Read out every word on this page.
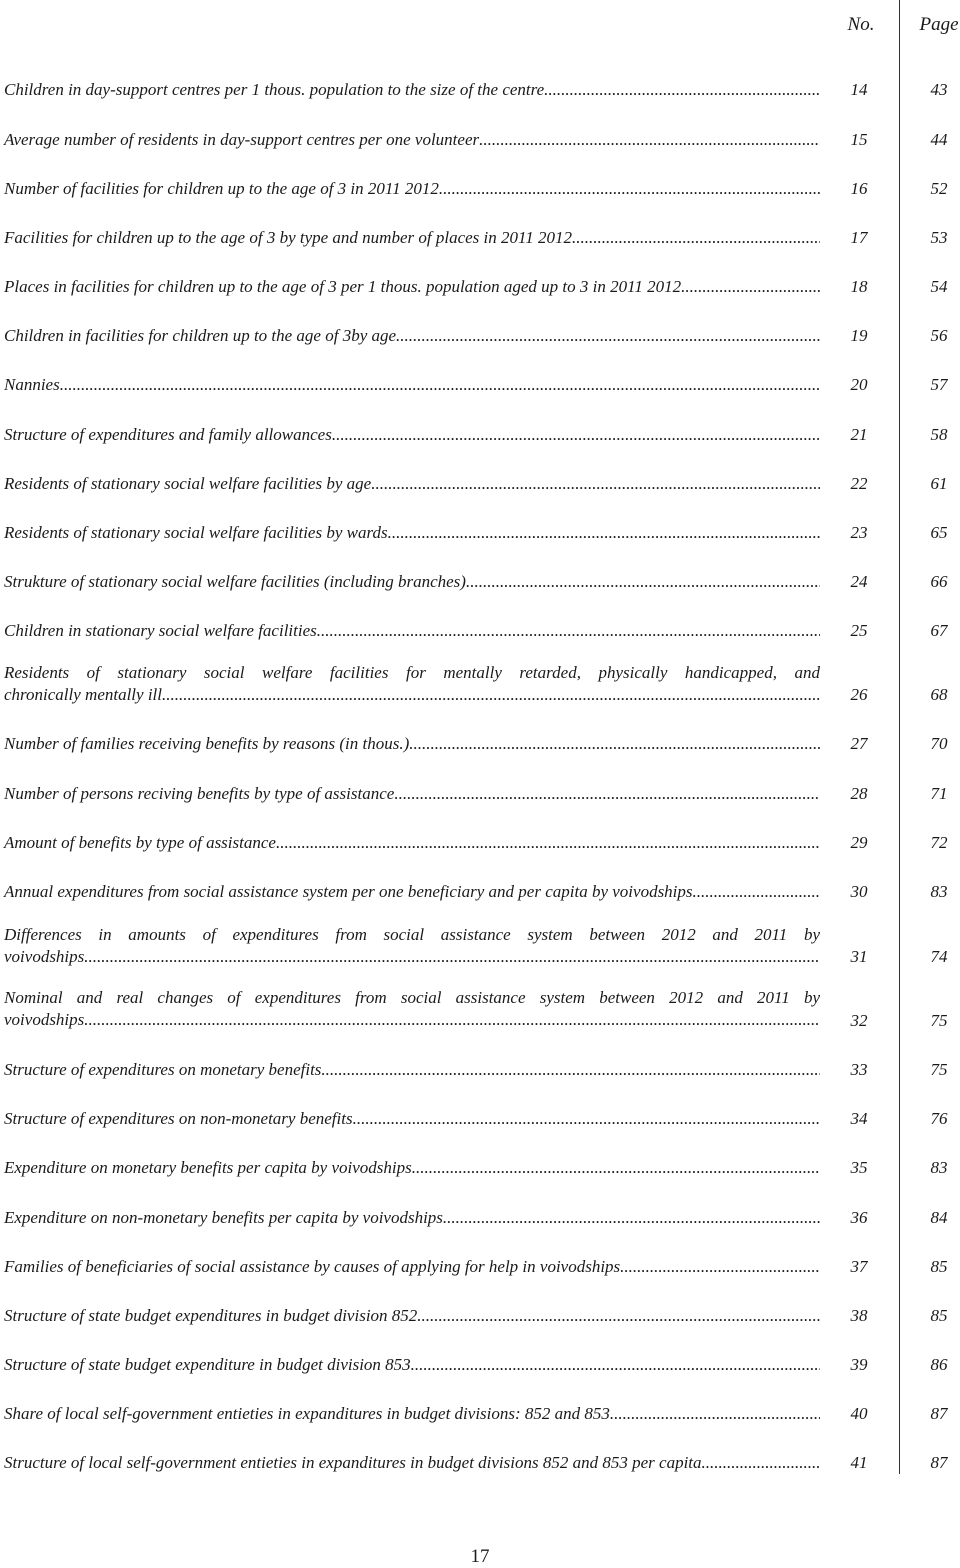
No. Page
Children in day-support centres per 1 thous. population to the size of the centre .....	14	43
Average number of residents in day-support centres per one volunteer .....	15	44
Number of facilities for children up to the age of 3 in 2011 2012 .....	16	52
Facilities for children up to the age of 3 by type and number of places in 2011 2012 .....	17	53
Places in facilities for children up to the age of 3 per 1 thous. population aged up to 3 in 2011 2012 .....	18	54
Children in facilities for children up to the age of 3by age .....	19	56
Nannies .....	20	57
Structure of expenditures and family allowances .....	21	58
Residents of stationary social welfare facilities by age .....	22	61
Residents of stationary social welfare facilities by wards .....	23	65
Strukture of stationary social welfare facilities (including branches) .....	24	66
Children in stationary social welfare facilities .....	25	67
Residents of stationary social welfare facilities for mentally retarded, physically handicapped, and
chronically mentally ill .....	26	68
Number of families receiving benefits by reasons (in thous.) .....	27	70
Number of persons reciving benefits by type of assistance .....	28	71
Amount of benefits by type of assistance .....	29	72
Annual expenditures from social assistance system per one beneficiary and per capita by voivodships .....	30	83
Differences in amounts of expenditures from social assistance system between 2012 and 2011 by
voivodships .....	31	74
Nominal and real changes of expenditures from social assistance system between 2012 and 2011 by
voivodships .....	32	75
Structure of expenditures on monetary benefits .....	33	75
Structure of expenditures on non-monetary benefits .....	34	76
Expenditure on monetary benefits per capita by voivodships .....	35	83
Expenditure on non-monetary benefits per capita by voivodships .....	36	84
Families of beneficiaries of social assistance by causes of applying for help in voivodships .....	37	85
Structure of state budget expenditures in budget division 852 .....	38	85
Structure of state budget expenditure in budget division 853 .....	39	86
Share of local self-government entieties in expanditures in budget divisions: 852 and 853 .....	40	87
Structure of local self-government entieties in expanditures in budget divisions 852 and 853 per capita .....	41	87
17
